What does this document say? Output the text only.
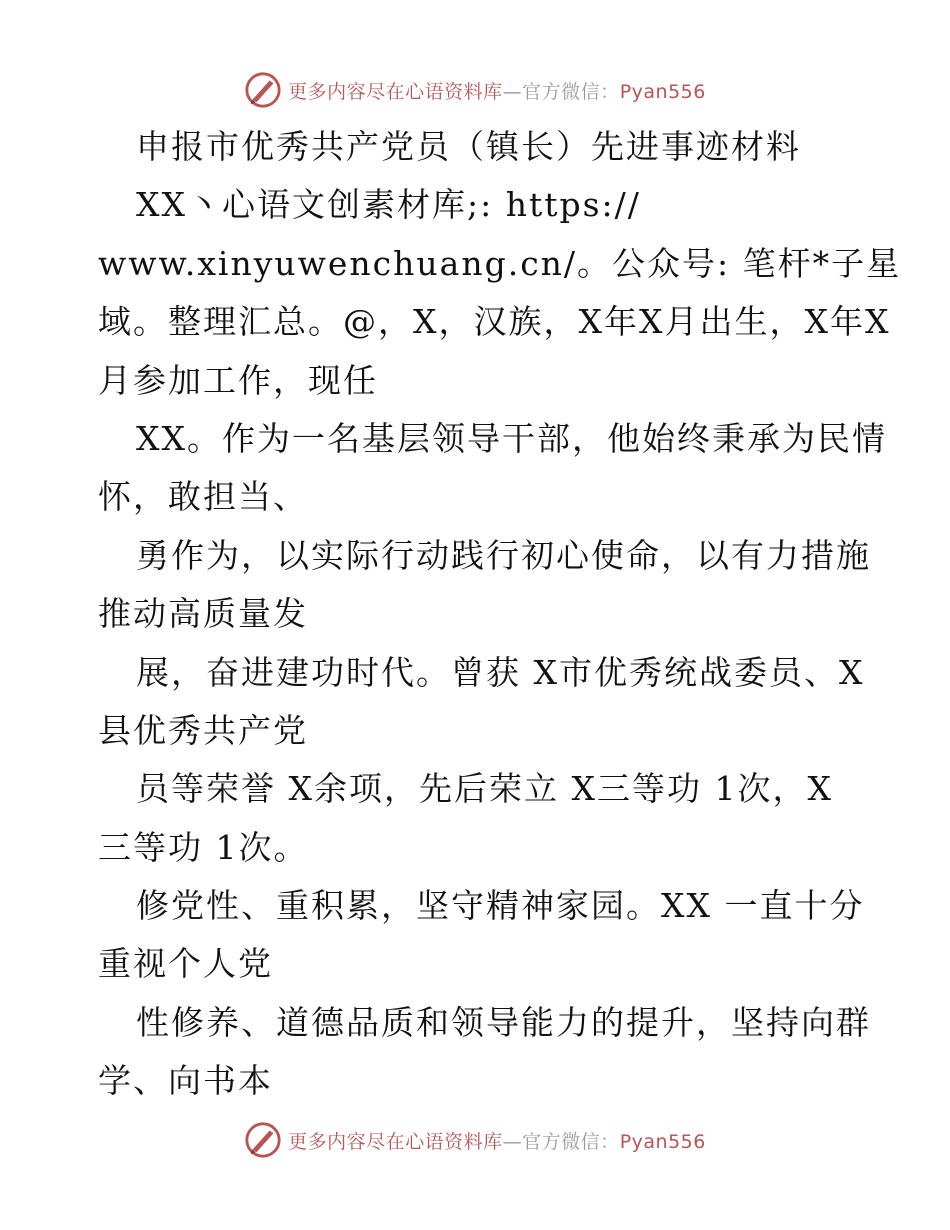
更多内容尽在心语资料库—官方微信：Pyan556
申报市优秀共产党员（镇长）先进事迹材料
XX丶心语文创素材库;: https://
www.xinyuwenchuang.cn/。公众号: 笔杆*子星
域。整理汇总。@，X，汉族，X年X月出生，X年X
月参加工作，现任
XX。作为一名基层领导干部，他始终秉承为民情
怀，敢担当、
勇作为，以实际行动践行初心使命，以有力措施
推动高质量发
展，奋进建功时代。曾获 X市优秀统战委员、X
县优秀共产党
员等荣誉 X余项，先后荣立 X三等功 1次，X
三等功 1次。
修党性、重积累，坚守精神家园。XX 一直十分
重视个人党
性修养、道德品质和领导能力的提升，坚持向群
学、向书本
更多内容尽在心语资料库—官方微信：Pyan556
